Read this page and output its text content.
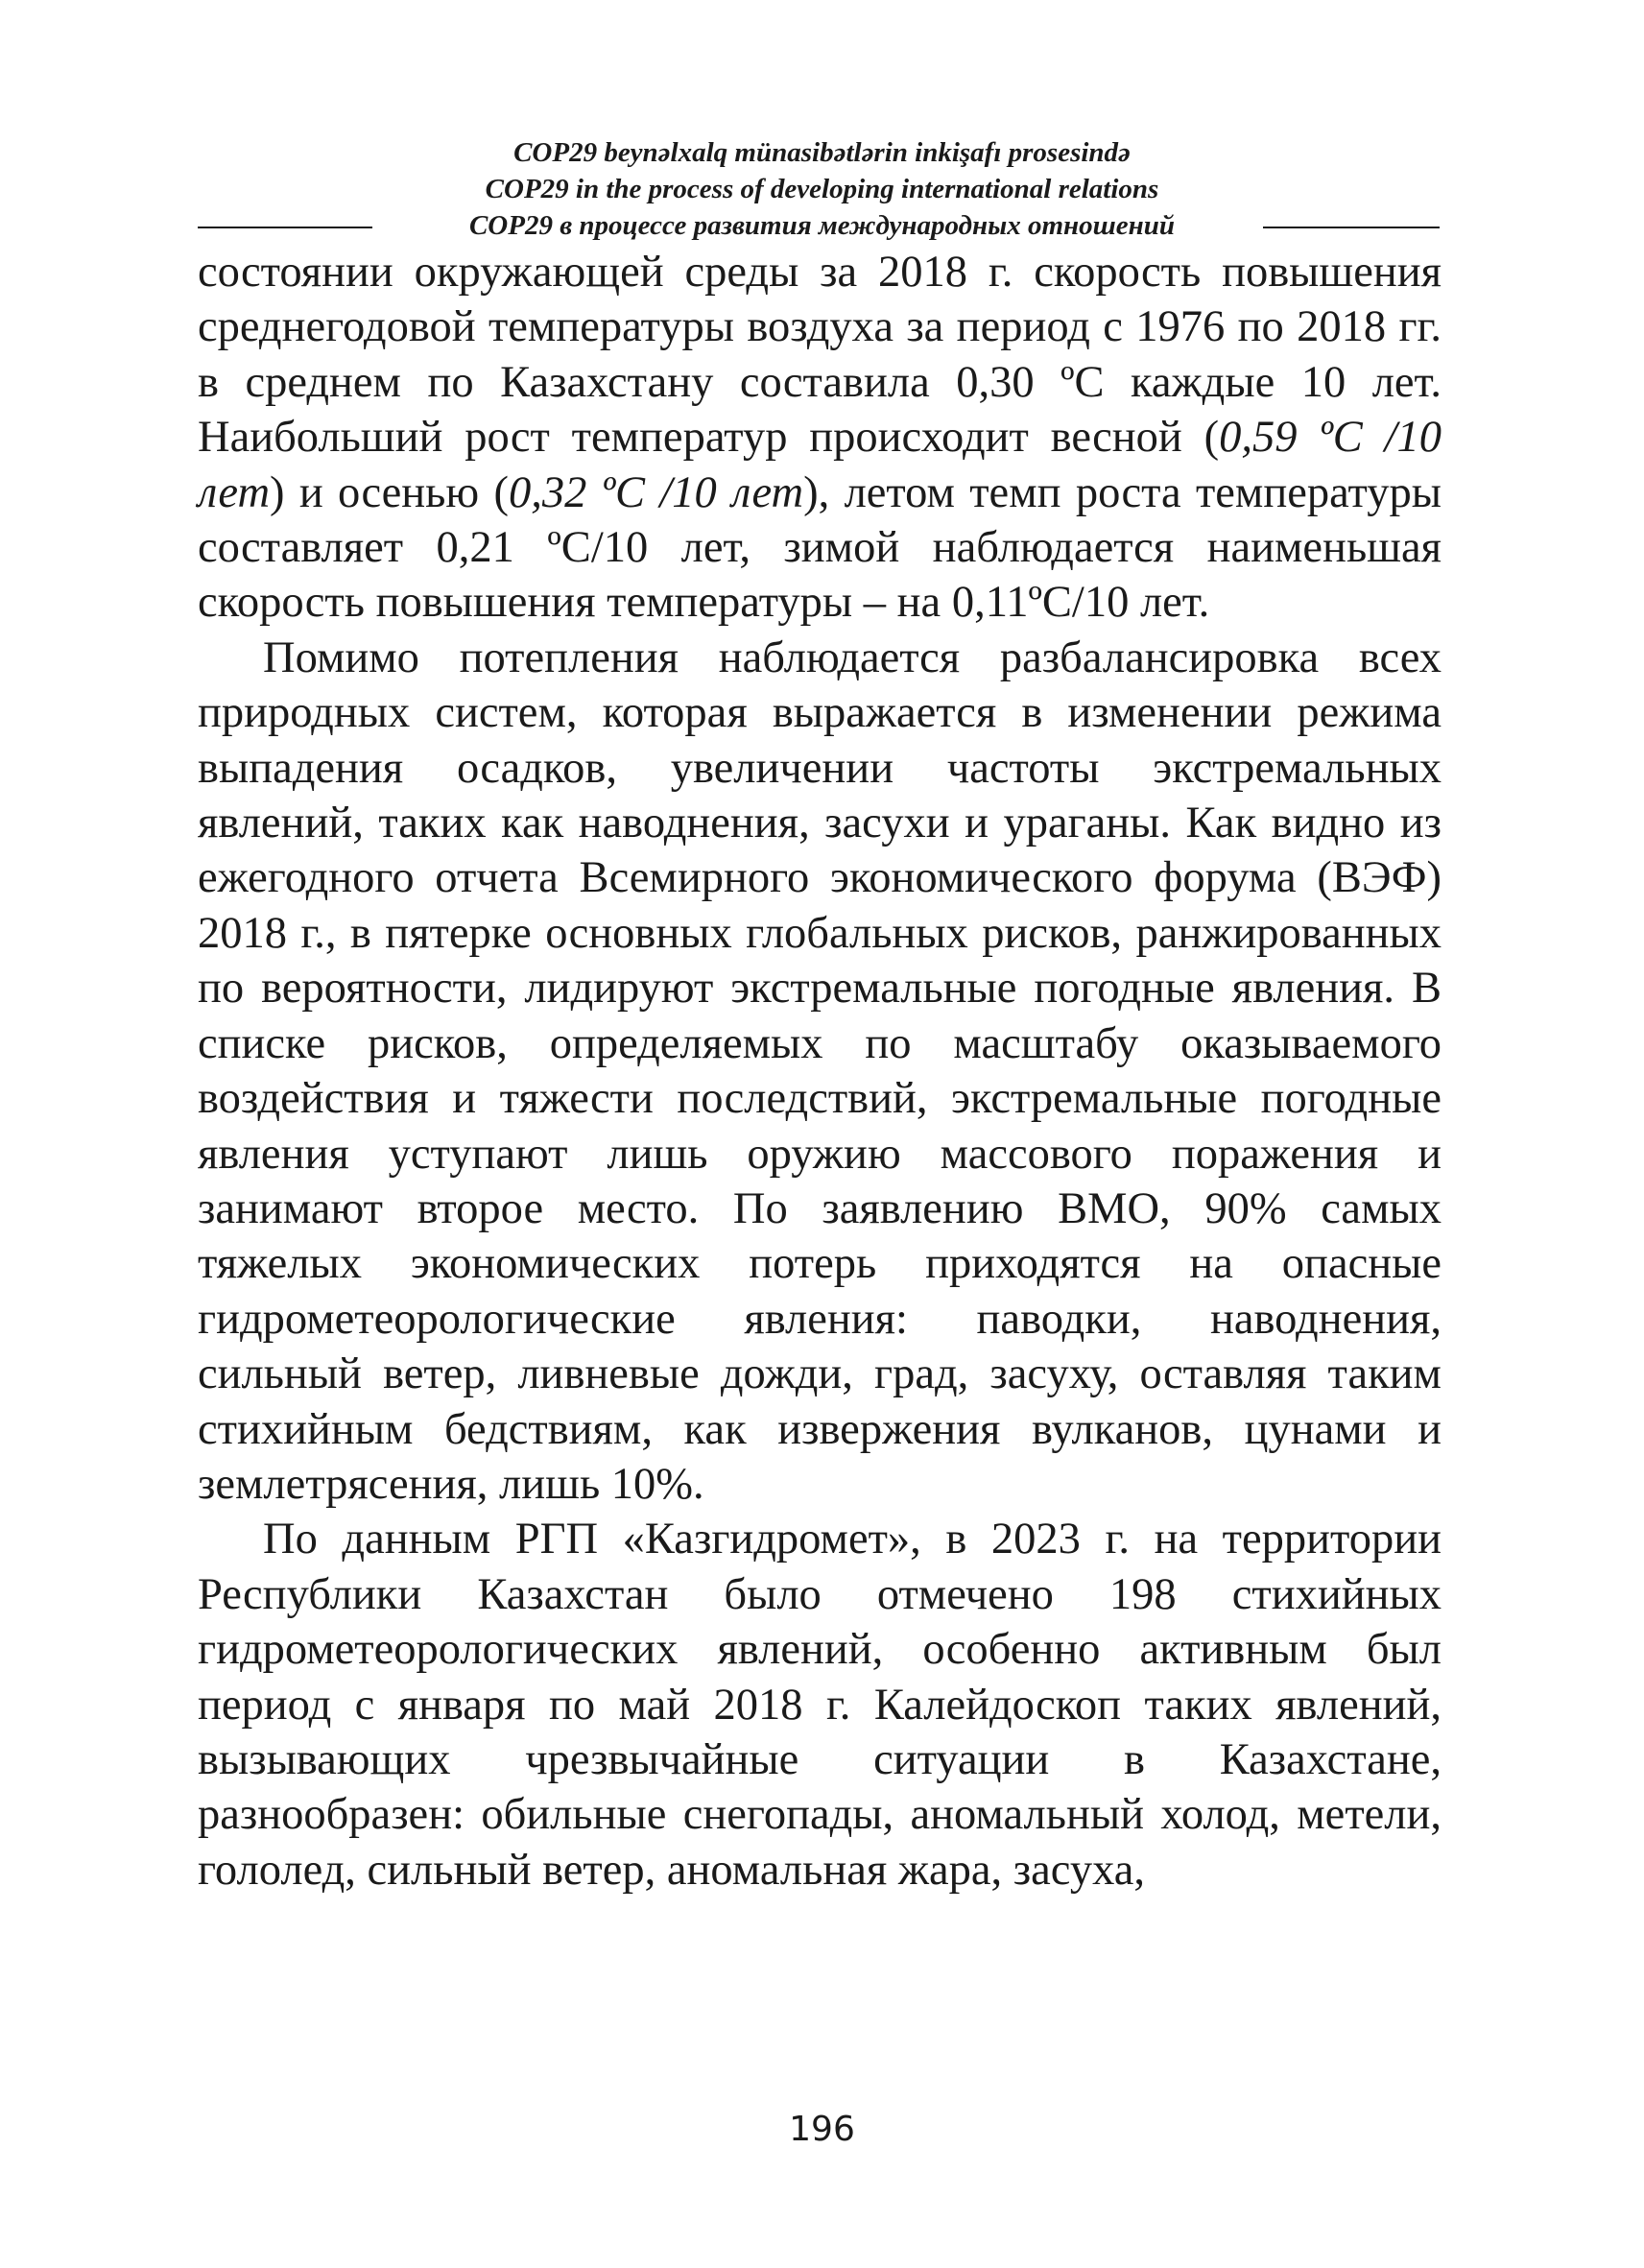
COP29 beynəlxalq münasibətlərin inkişafı prosesində
COP29 in the process of developing international relations

COP29 в процессе развития международных отношений

состоянии окружающей среды за 2018 г. скорость повышения среднегодовой температуры воздуха за период с 1976 по 2018 гг. в среднем по Казахстану составила 0,30 ºС каждые 10 лет. Наибольший рост температур происходит весной (0,59 ºС /10 лет) и осенью (0,32 ºС /10 лет), летом темп роста температуры составляет 0,21 ºС/10 лет, зимой наблюдается наименьшая скорость повышения температуры – на 0,11ºС/10 лет.

Помимо потепления наблюдается разбалансировка всех природных систем, которая выражается в изменении режима выпадения осадков, увеличении частоты экстремальных явлений, таких как наводнения, засухи и ураганы. Как видно из ежегодного отчета Всемирного экономического форума (ВЭФ) 2018 г., в пятерке основных глобальных рисков, ранжированных по вероятности, лидируют экстремальные погодные явления. В списке рисков, определяемых по масштабу оказываемого воздействия и тяжести последствий, экстремальные погодные явления уступают лишь оружию массового поражения и занимают второе место. По заявлению ВМО, 90% самых тяжелых экономических потерь приходятся на опасные гидрометеорологические явления: паводки, наводнения, сильный ветер, ливневые дожди, град, засуху, оставляя таким стихийным бедствиям, как извержения вулканов, цунами и землетрясения, лишь 10%.

По данным РГП «Казгидромет», в 2023 г. на территории Республики Казахстан было отмечено 198 стихийных гидрометеорологических явлений, особенно активным был период с января по май 2018 г. Калейдоскоп таких явлений, вызывающих чрезвычайные ситуации в Казахстане, разнообразен: обильные снегопады, аномальный холод, метели, гололед, сильный ветер, аномальная жара, засуха,

196
